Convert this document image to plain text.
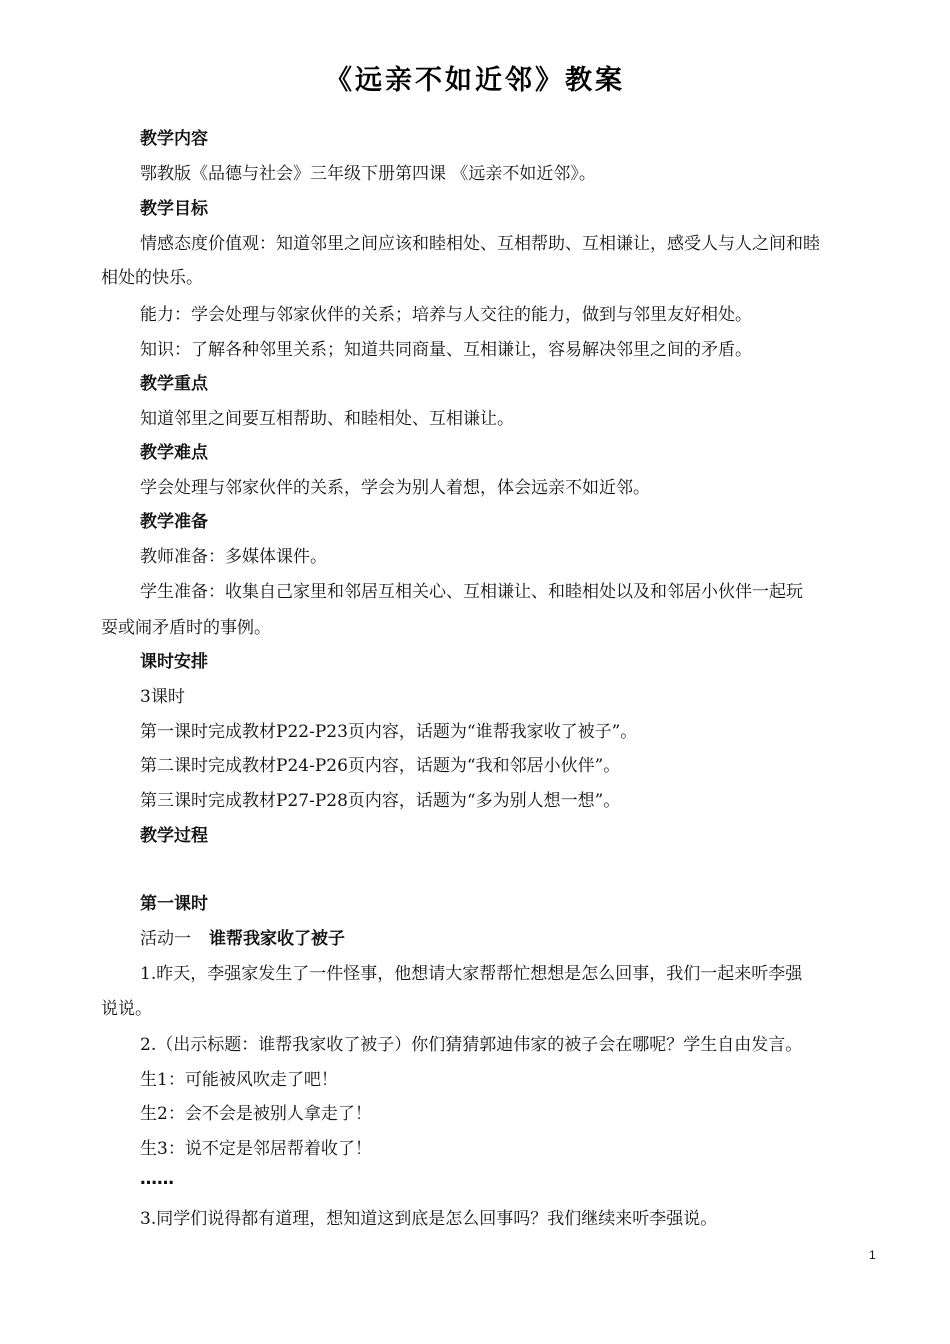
《远亲不如近邻》教案
教学内容
鄂教版《品德与社会》三年级下册第四课 《远亲不如近邻》。
教学目标
情感态度价值观：知道邻里之间应该和睦相处、互相帮助、互相谦让，感受人与人之间和睦
相处的快乐。
能力：学会处理与邻家伙伴的关系；培养与人交往的能力，做到与邻里友好相处。
知识：了解各种邻里关系；知道共同商量、互相谦让，容易解决邻里之间的矛盾。
教学重点
知道邻里之间要互相帮助、和睦相处、互相谦让。
教学难点
学会处理与邻家伙伴的关系，学会为别人着想，体会远亲不如近邻。
教学准备
教师准备：多媒体课件。
学生准备：收集自己家里和邻居互相关心、互相谦让、和睦相处以及和邻居小伙伴一起玩
耍或闹矛盾时的事例。
课时安排
3课时
第一课时完成教材P22-P23页内容，话题为“谁帮我家收了被子”。
第二课时完成教材P24-P26页内容，话题为“我和邻居小伙伴”。
第三课时完成教材P27-P28页内容，话题为“多为别人想一想”。
教学过程
第一课时
活动一 谁帮我家收了被子
1.昨天，李强家发生了一件怪事，他想请大家帮帮忙想想是怎么回事，我们一起来听李强
说说。
2.（出示标题：谁帮我家收了被子）你们猜猜郭迪伟家的被子会在哪呢？学生自由发言。
生1：可能被风吹走了吧！
生2：会不会是被别人拿走了！
生3：说不定是邻居帮着收了！
……
3.同学们说得都有道理，想知道这到底是怎么回事吗？我们继续来听李强说。
1
